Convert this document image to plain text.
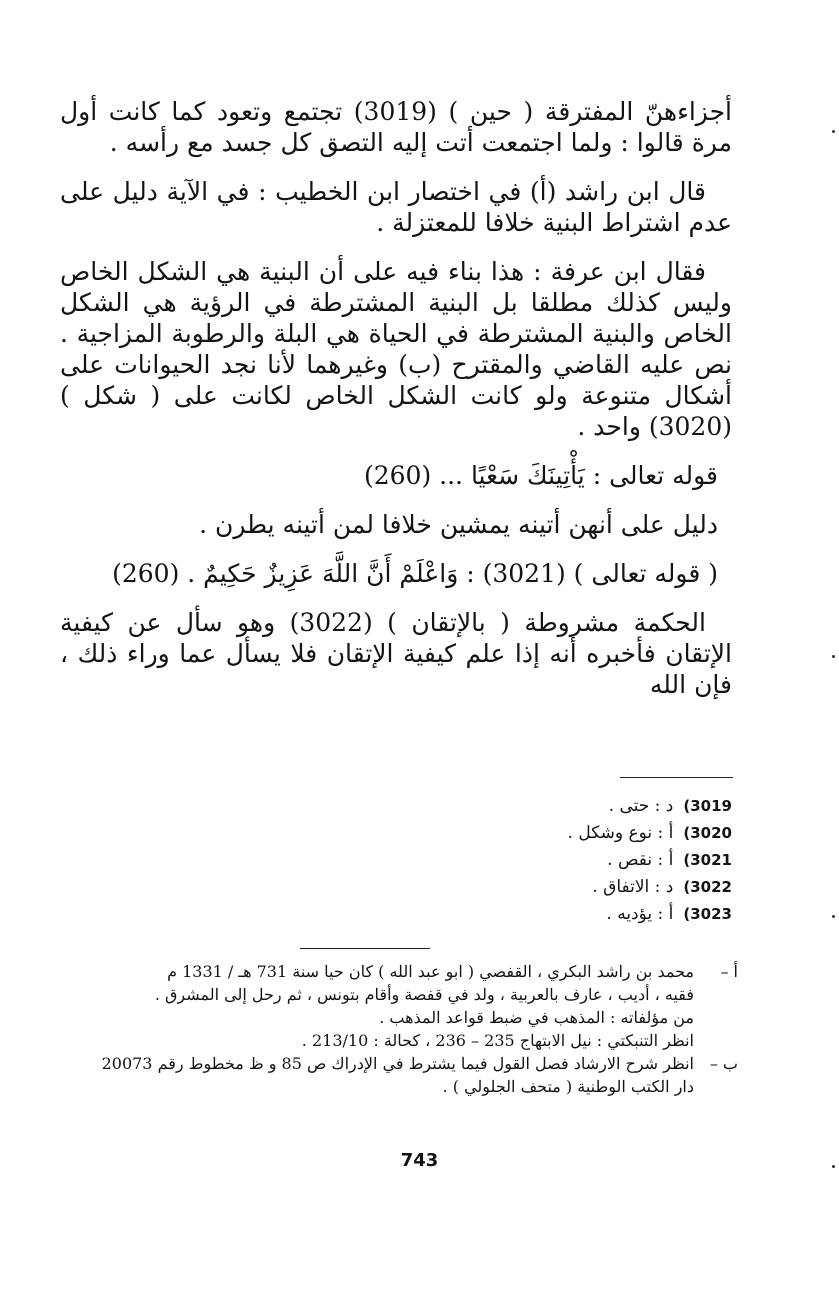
أجزاءهنّ المفترقة ( حين ) (3019) تجتمع وتعود كما كانت أول مرة قالوا : ولما اجتمعت أتت إليه التصق كل جسد مع رأسه .

قال ابن راشد (أ) في اختصار ابن الخطيب : في الآية دليل على عدم اشتراط البنية خلافا للمعتزلة .

فقال ابن عرفة : هذا بناء فيه على أن البنية هي الشكل الخاص وليس كذلك مطلقا بل البنية المشترطة في الرؤية هي الشكل الخاص والبنية المشترطة في الحياة هي البلة والرطوبة المزاجية . نص عليه القاضي والمقترح (ب) وغيرهما لأنا نجد الحيوانات على أشكال متنوعة ولو كانت الشكل الخاص لكانت على ( شكل ) (3020) واحد .

قوله تعالى : يَأْتِينَكَ سَعْيًا ... (260)

دليل على أنهن أتينه يمشين خلافا لمن أتينه يطرن .

( قوله تعالى ) (3021) : وَاعْلَمْ أَنَّ اللَّهَ عَزِيزٌ حَكِيمٌ . (260)

الحكمة مشروطة ( بالإتقان ) (3022) وهو سأل عن كيفية الإتقان فأخبره أنه إذا علم كيفية الإتقان فلا يسأل عما وراء ذلك ، فإن الله

3019)
د : حتى .
3020)
أ : نوع وشكل .
3021)
أ : نقص .
3022)
د : الاتفاق .
3023)
أ : يؤديه .
أ –
محمد بن راشد البكري ، القفصي ( ابو عبد الله ) كان حيا سنة 731 هـ / 1331 م
فقيه ، أديب ، عارف بالعربية ، ولد في قفصة وأقام بتونس ، ثم رحل إلى المشرق .
من مؤلفاته : المذهب في ضبط قواعد المذهب .
انظر التنبكتي : نيل الابتهاج 235 – 236 ، كحالة : 213/10 .
ب –
انظر شرح الارشاد فصل القول فيما يشترط في الإدراك ص 85 و ظ مخطوط رقم 20073
دار الكتب الوطنية ( متحف الجلولي ) .
743
